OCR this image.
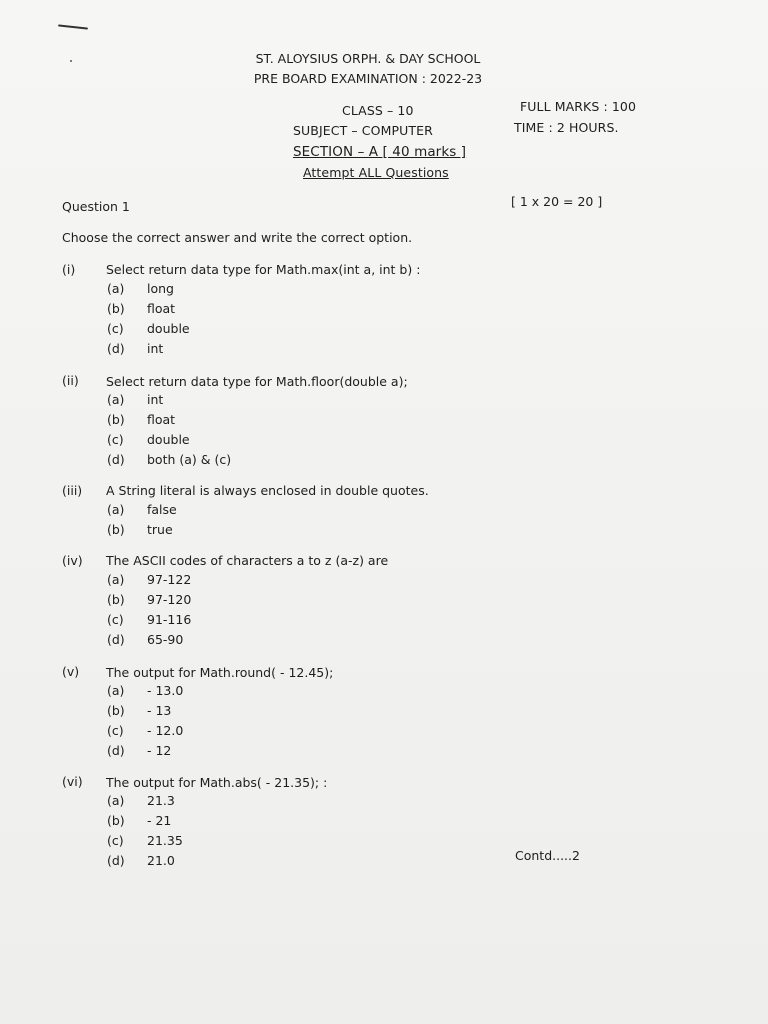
ST. ALOYSIUS ORPH. & DAY SCHOOL
PRE BOARD EXAMINATION : 2022-23
CLASS – 10	FULL MARKS : 100
SUBJECT – COMPUTER	TIME : 2 HOURS.
SECTION – A [ 40 marks ]
Attempt ALL Questions
Question 1	[ 1 x 20 = 20 ]
Choose the correct answer and write the correct option.
(i) Select return data type for Math.max(int a, int b) :
(a)	long
(b)	float
(c)	double
(d)	int
(ii) Select return data type for Math.floor(double a);
(a)	int
(b)	float
(c)	double
(d)	both (a) & (c)
(iii) A String literal is always enclosed in double quotes.
(a)	false
(b)	true
(iv) The ASCII codes of characters a to z (a-z) are
(a)	97-122
(b)	97-120
(c)	91-116
(d)	65-90
(v) The output for Math.round( - 12.45);
(a)	- 13.0
(b)	- 13
(c)	- 12.0
(d)	- 12
(vi) The output for Math.abs( - 21.35); :
(a)	21.3
(b)	- 21
(c)	21.35
(d)	21.0	Contd.....2
